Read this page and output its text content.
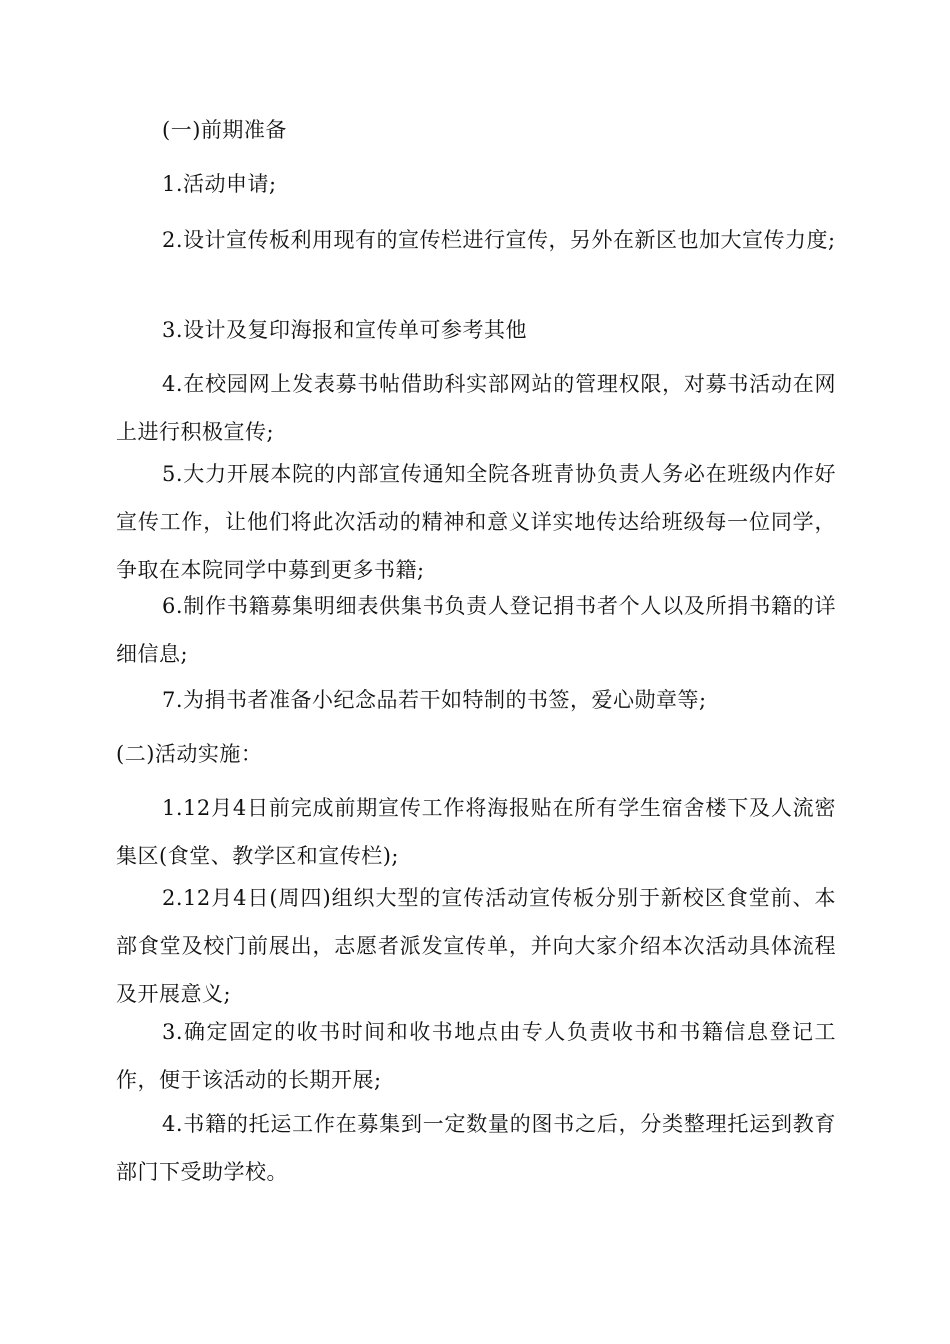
(一)前期准备

1.活动申请;

2.设计宣传板利用现有的宣传栏进行宣传，另外在新区也加大宣传力度;

3.设计及复印海报和宣传单可参考其他

4.在校园网上发表募书帖借助科实部网站的管理权限，对募书活动在网上进行积极宣传;

5.大力开展本院的内部宣传通知全院各班青协负责人务必在班级内作好宣传工作，让他们将此次活动的精神和意义详实地传达给班级每一位同学，争取在本院同学中募到更多书籍;

6.制作书籍募集明细表供集书负责人登记捐书者个人以及所捐书籍的详细信息;

7.为捐书者准备小纪念品若干如特制的书签，爱心勋章等;

(二)活动实施：

1.12月4日前完成前期宣传工作将海报贴在所有学生宿舍楼下及人流密集区(食堂、教学区和宣传栏);

2.12月4日(周四)组织大型的宣传活动宣传板分别于新校区食堂前、本部食堂及校门前展出，志愿者派发宣传单，并向大家介绍本次活动具体流程及开展意义;

3.确定固定的收书时间和收书地点由专人负责收书和书籍信息登记工作，便于该活动的长期开展;

4.书籍的托运工作在募集到一定数量的图书之后，分类整理托运到教育部门下受助学校。
